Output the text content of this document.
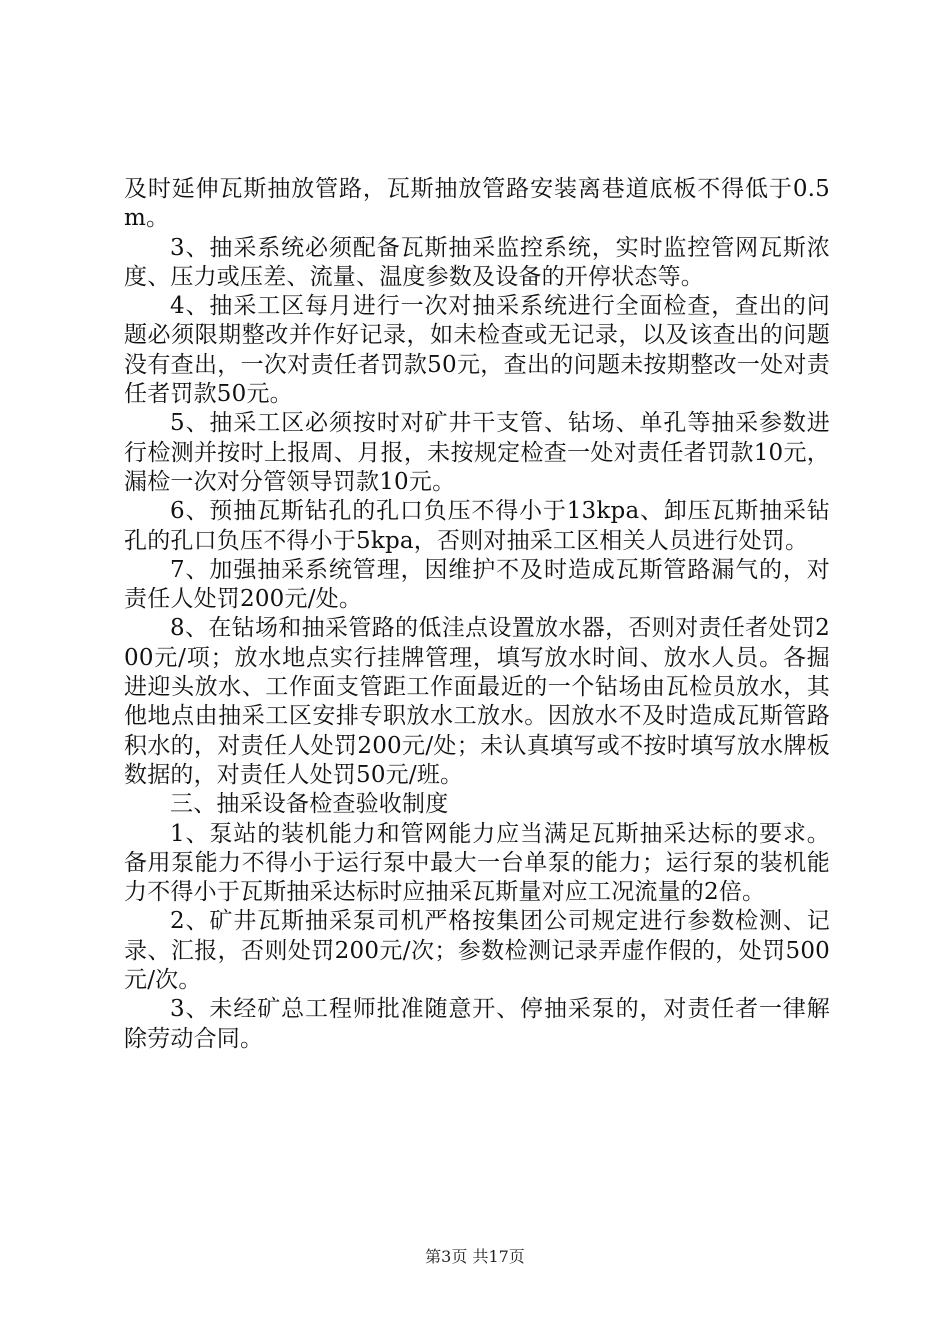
及时延伸瓦斯抽放管路，瓦斯抽放管路安装离巷道底板不得低于0.5m。

3、抽采系统必须配备瓦斯抽采监控系统，实时监控管网瓦斯浓度、压力或压差、流量、温度参数及设备的开停状态等。

4、抽采工区每月进行一次对抽采系统进行全面检查，查出的问题必须限期整改并作好记录，如未检查或无记录，以及该查出的问题没有查出，一次对责任者罚款50元，查出的问题未按期整改一处对责任者罚款50元。

5、抽采工区必须按时对矿井干支管、钻场、单孔等抽采参数进行检测并按时上报周、月报，未按规定检查一处对责任者罚款10元，漏检一次对分管领导罚款10元。

6、预抽瓦斯钻孔的孔口负压不得小于13kpa、卸压瓦斯抽采钻孔的孔口负压不得小于5kpa，否则对抽采工区相关人员进行处罚。

7、加强抽采系统管理，因维护不及时造成瓦斯管路漏气的，对责任人处罚200元/处。

8、在钻场和抽采管路的低洼点设置放水器，否则对责任者处罚200元/项；放水地点实行挂牌管理，填写放水时间、放水人员。各掘进迎头放水、工作面支管距工作面最近的一个钻场由瓦检员放水，其他地点由抽采工区安排专职放水工放水。因放水不及时造成瓦斯管路积水的，对责任人处罚200元/处；未认真填写或不按时填写放水牌板数据的，对责任人处罚50元/班。

三、抽采设备检查验收制度

1、泵站的装机能力和管网能力应当满足瓦斯抽采达标的要求。备用泵能力不得小于运行泵中最大一台单泵的能力；运行泵的装机能力不得小于瓦斯抽采达标时应抽采瓦斯量对应工况流量的2倍。

2、矿井瓦斯抽采泵司机严格按集团公司规定进行参数检测、记录、汇报，否则处罚200元/次；参数检测记录弄虚作假的，处罚500元/次。

3、未经矿总工程师批准随意开、停抽采泵的，对责任者一律解除劳动合同。

第3页 共17页
